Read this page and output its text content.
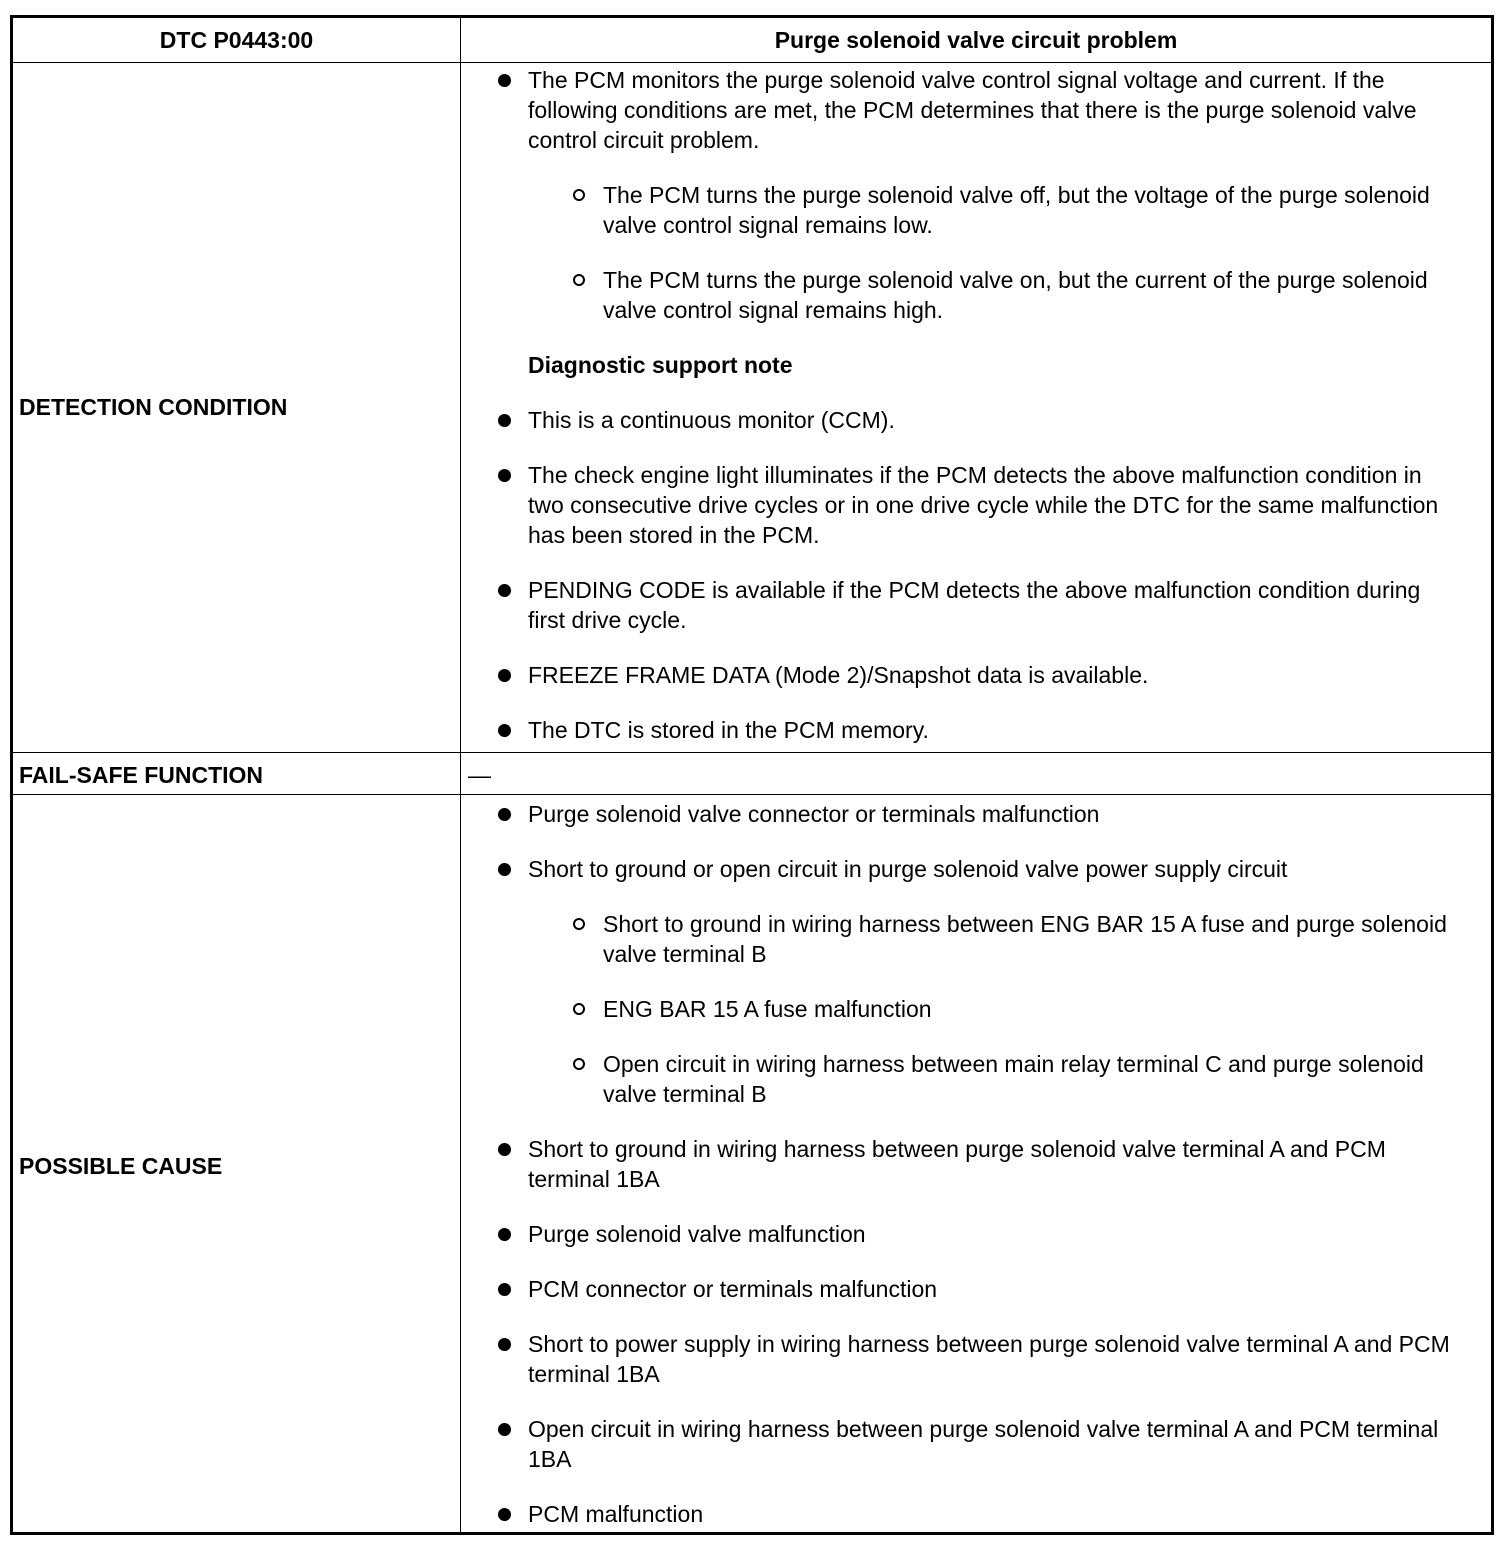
DTC P0443:00	Purge solenoid valve circuit problem
DETECTION CONDITION
FAIL-SAFE FUNCTION
POSSIBLE CAUSE
—
The PCM monitors the purge solenoid valve control signal voltage and current. If the following conditions are met, the PCM determines that there is the purge solenoid valve control circuit problem.
The PCM turns the purge solenoid valve off, but the voltage of the purge solenoid valve control signal remains low.
The PCM turns the purge solenoid valve on, but the current of the purge solenoid valve control signal remains high.
Diagnostic support note
This is a continuous monitor (CCM).
The check engine light illuminates if the PCM detects the above malfunction condition in two consecutive drive cycles or in one drive cycle while the DTC for the same malfunction has been stored in the PCM.
PENDING CODE is available if the PCM detects the above malfunction condition during first drive cycle.
FREEZE FRAME DATA (Mode 2)/Snapshot data is available.
The DTC is stored in the PCM memory.
Purge solenoid valve connector or terminals malfunction
Short to ground or open circuit in purge solenoid valve power supply circuit
Short to ground in wiring harness between ENG BAR 15 A fuse and purge solenoid valve terminal B
ENG BAR 15 A fuse malfunction
Open circuit in wiring harness between main relay terminal C and purge solenoid valve terminal B
Short to ground in wiring harness between purge solenoid valve terminal A and PCM terminal 1BA
Purge solenoid valve malfunction
PCM connector or terminals malfunction
Short to power supply in wiring harness between purge solenoid valve terminal A and PCM terminal 1BA
Open circuit in wiring harness between purge solenoid valve terminal A and PCM terminal 1BA
PCM malfunction
